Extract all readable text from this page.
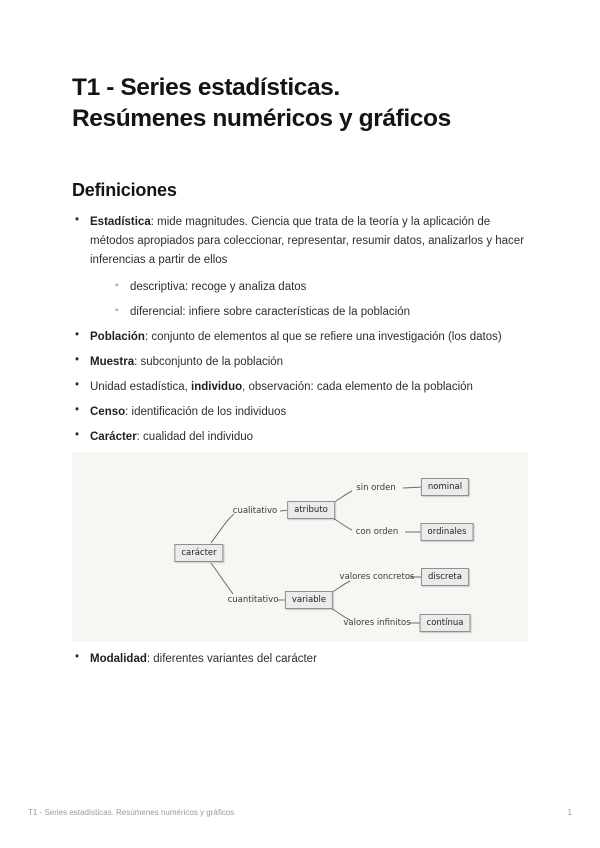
T1 - Series estadísticas.
Resúmenes numéricos y gráficos
Definiciones
•
Estadística: mide magnitudes. Ciencia que trata de la teoría y la aplicación de métodos apropiados para coleccionar, representar, resumir datos, analizarlos y hacer inferencias a partir de ellos
◦
descriptiva: recoge y analiza datos
◦
diferencial: infiere sobre características de la población
•
Población: conjunto de elementos al que se refiere una investigación (los datos)
•
Muestra: subconjunto de la población
•
Unidad estadística, individuo, observación: cada elemento de la población
•
Censo: identificación de los individuos
•
Carácter: cualidad del individuo
carácter
cualitativo	atributo
sin orden	nominal
con orden	ordinales
cuantitativo	variable
valores concretos	discreta
valores infinitos	contínua
•
Modalidad: diferentes variantes del carácter
T1 - Series estadísticas. Resúmenes numéricos y gráficos	1
